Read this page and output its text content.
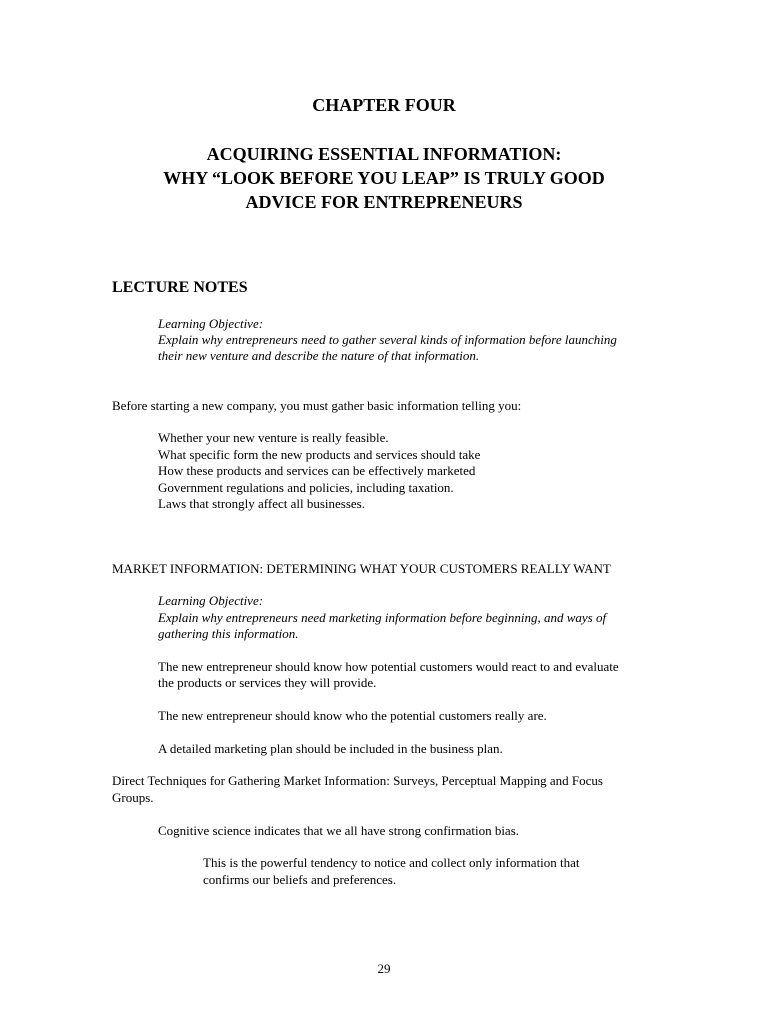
CHAPTER FOUR
ACQUIRING ESSENTIAL INFORMATION:
WHY “LOOK BEFORE YOU LEAP” IS TRULY GOOD
ADVICE FOR ENTREPRENEURS
LECTURE NOTES
Learning Objective:
Explain why entrepreneurs need to gather several kinds of information before launching
their new venture and describe the nature of that information.
Before starting a new company, you must gather basic information telling you:
Whether your new venture is really feasible.
What specific form the new products and services should take
How these products and services can be effectively marketed
Government regulations and policies, including taxation.
Laws that strongly affect all businesses.
MARKET INFORMATION: DETERMINING WHAT YOUR CUSTOMERS REALLY WANT
Learning Objective:
Explain why entrepreneurs need marketing information before beginning, and ways of
gathering this information.
The new entrepreneur should know how potential customers would react to and evaluate
the products or services they will provide.
The new entrepreneur should know who the potential customers really are.
A detailed marketing plan should be included in the business plan.
Direct Techniques for Gathering Market Information: Surveys, Perceptual Mapping and Focus
Groups.
Cognitive science indicates that we all have strong confirmation bias.
This is the powerful tendency to notice and collect only information that
confirms our beliefs and preferences.
29
